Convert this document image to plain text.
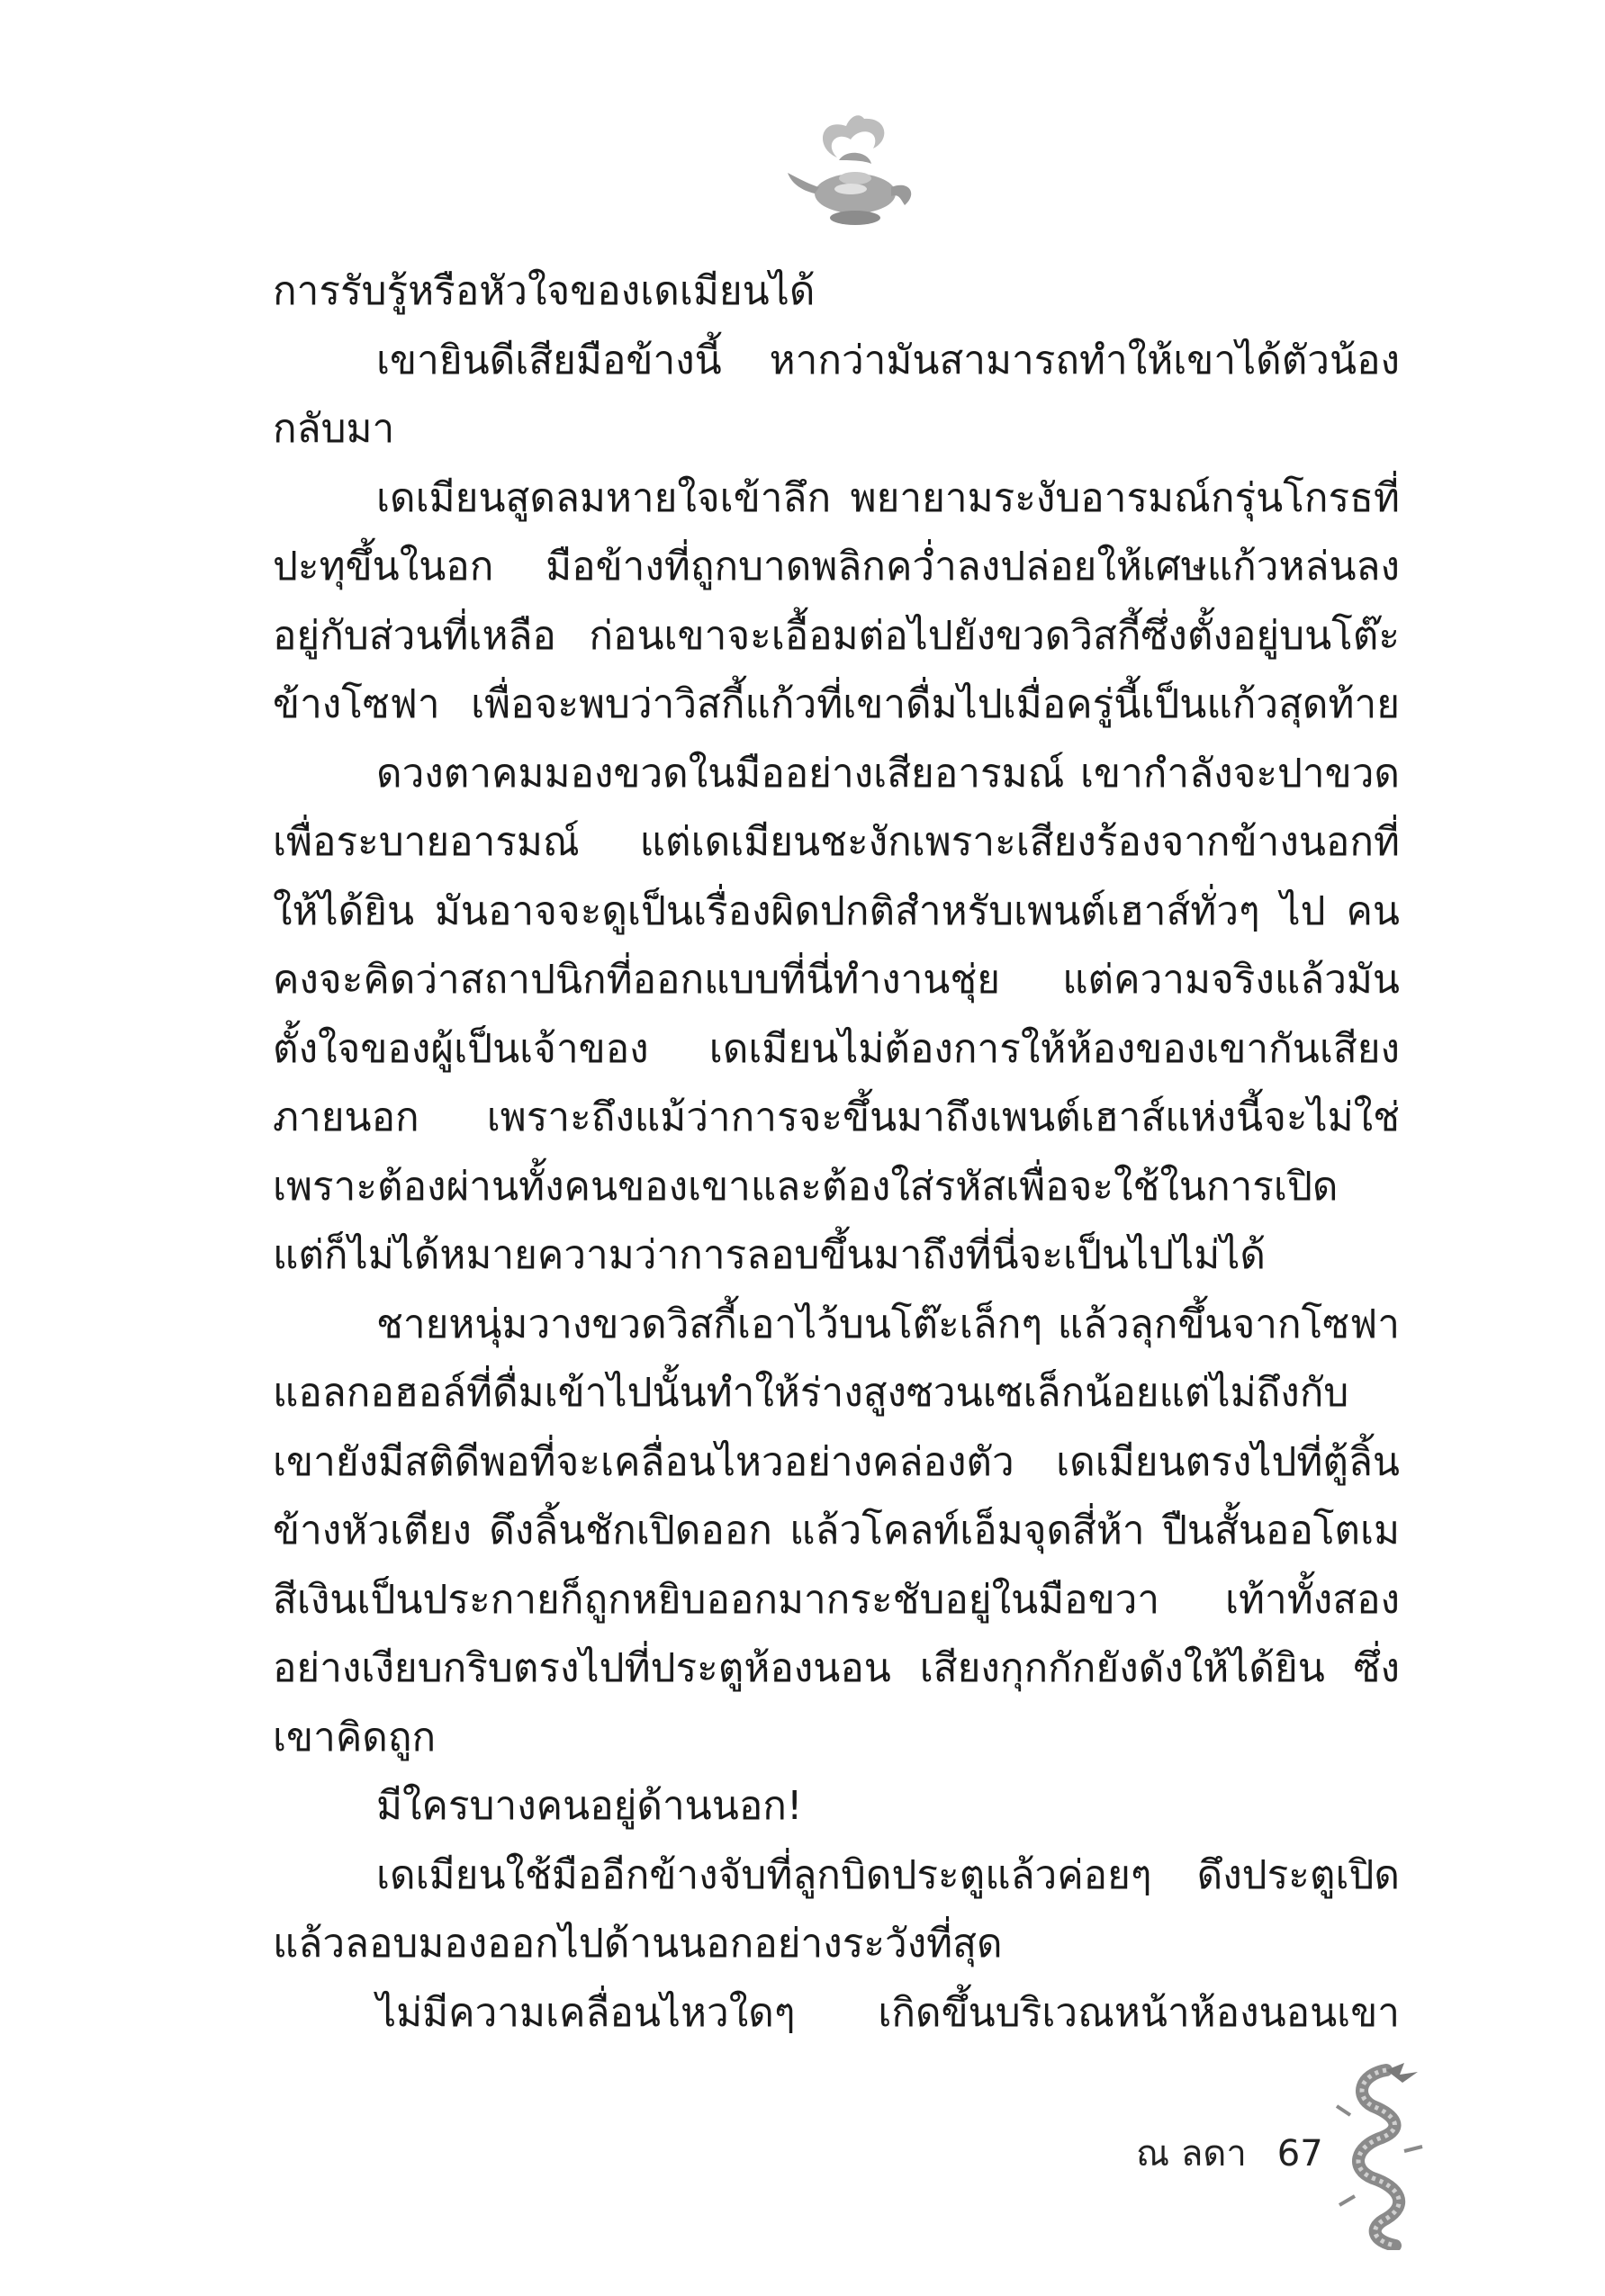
การรับรู้หรือหัวใจของเดเมียนได้
เขายินดีเสียมือข้างนี้ หากว่ามันสามารถทำให้เขาได้ตัวน้อง
กลับมา
เดเมียนสูดลมหายใจเข้าลึก พยายามระงับอารมณ์กรุ่นโกรธที่
ปะทุขึ้นในอก มือข้างที่ถูกบาดพลิกคว่ำลงปล่อยให้เศษแก้วหล่นลง
อยู่กับส่วนที่เหลือ ก่อนเขาจะเอื้อมต่อไปยังขวดวิสกี้ซึ่งตั้งอยู่บนโต๊ะ
ข้างโซฟา เพื่อจะพบว่าวิสกี้แก้วที่เขาดื่มไปเมื่อครู่นี้เป็นแก้วสุดท้าย
ดวงตาคมมองขวดในมืออย่างเสียอารมณ์ เขากำลังจะปาขวด
เพื่อระบายอารมณ์ แต่เดเมียนชะงักเพราะเสียงร้องจากข้างนอกที่
ให้ได้ยิน มันอาจจะดูเป็นเรื่องผิดปกติสำหรับเพนต์เฮาส์ทั่วๆ ไป คน
คงจะคิดว่าสถาปนิกที่ออกแบบที่นี่ทำงานชุ่ย แต่ความจริงแล้วมัน
ตั้งใจของผู้เป็นเจ้าของ เดเมียนไม่ต้องการให้ห้องของเขากันเสียง
ภายนอก เพราะถึงแม้ว่าการจะขึ้นมาถึงเพนต์เฮาส์แห่งนี้จะไม่ใช่
เพราะต้องผ่านทั้งคนของเขาและต้องใส่รหัสเพื่อจะใช้ในการเปิด
แต่ก็ไม่ได้หมายความว่าการลอบขึ้นมาถึงที่นี่จะเป็นไปไม่ได้
ชายหนุ่มวางขวดวิสกี้เอาไว้บนโต๊ะเล็กๆ แล้วลุกขึ้นจากโซฟา
แอลกอฮอล์ที่ดื่มเข้าไปนั้นทำให้ร่างสูงซวนเซเล็กน้อยแต่ไม่ถึงกับ
เขายังมีสติดีพอที่จะเคลื่อนไหวอย่างคล่องตัว เดเมียนตรงไปที่ตู้ลิ้น
ข้างหัวเตียง ดึงลิ้นชักเปิดออก แล้วโคลท์เอ็มจุดสี่ห้า ปืนสั้นออโตเม
สีเงินเป็นประกายก็ถูกหยิบออกมากระชับอยู่ในมือขวา เท้าทั้งสอง
อย่างเงียบกริบตรงไปที่ประตูห้องนอน เสียงกุกกักยังดังให้ได้ยิน ซึ่ง
เขาคิดถูก
มีใครบางคนอยู่ด้านนอก!
เดเมียนใช้มืออีกข้างจับที่ลูกบิดประตูแล้วค่อยๆ ดึงประตูเปิด
แล้วลอบมองออกไปด้านนอกอย่างระวังที่สุด
ไม่มีความเคลื่อนไหวใดๆ เกิดขึ้นบริเวณหน้าห้องนอนเขา
ณ ลดา 67
